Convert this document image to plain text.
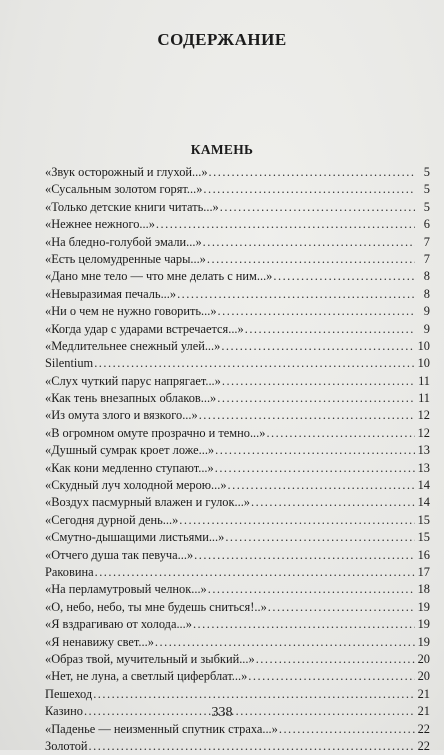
СОДЕРЖАНИЕ
КАМЕНЬ
«Звук осторожный и глухой...» .....	5
«Сусальным золотом горят...» .....	5
«Только детские книги читать...» .....	5
«Нежнее нежного...» .....	6
«На бледно-голубой эмали...» .....	7
«Есть целомудренные чары...» .....	7
«Дано мне тело — что мне делать с ним...» .....	8
«Невыразимая печаль...» .....	8
«Ни о чем не нужно говорить...» .....	9
«Когда удар с ударами встречается...» .....	9
«Медлительнее снежный улей...» .....	10
Silentium .....	10
«Слух чуткий парус напрягает...» .....	11
«Как тень внезапных облаков...» .....	11
«Из омута злого и вязкого...» .....	12
«В огромном омуте прозрачно и темно...» .....	12
«Душный сумрак кроет ложе...» .....	13
«Как кони медленно ступают...» .....	13
«Скудный луч холодной мерою...» .....	14
«Воздух пасмурный влажен и гулок...» .....	14
«Сегодня дурной день...» .....	15
«Смутно-дышащими листьями...» .....	15
«Отчего душа так певуча...» .....	16
Раковина .....	17
«На перламутровый челнок...» .....	18
«О, небо, небо, ты мне будешь сниться!..» .....	19
«Я вздрагиваю от холода...» .....	19
«Я ненавижу свет...» .....	19
«Образ твой, мучительный и зыбкий...» .....	20
«Нет, не луна, а светлый циферблат...» .....	20
Пешеход .....	21
Казино .....	21
«Паденье — неизменный спутник страха...» .....	22
Золотой .....	22
338
